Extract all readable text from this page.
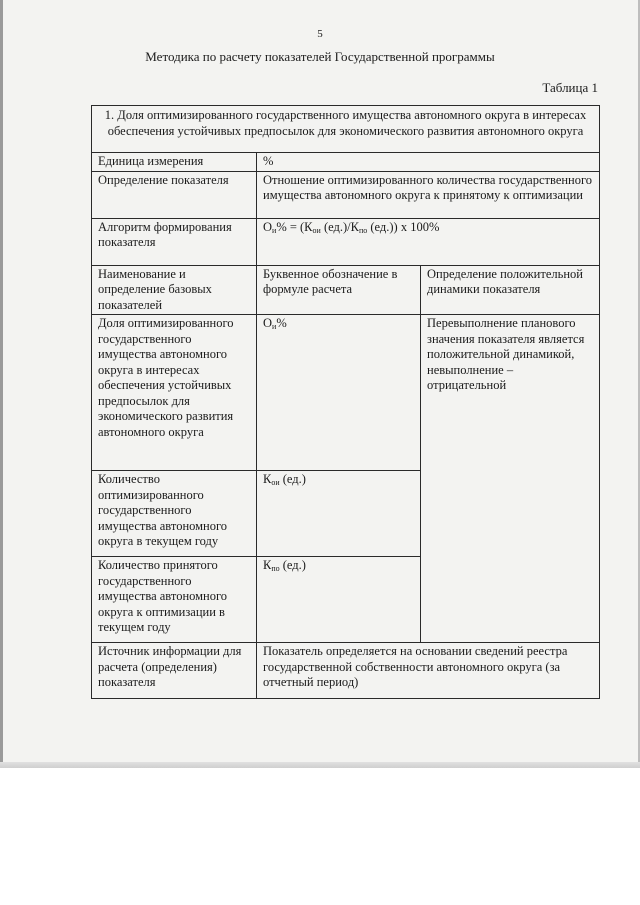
5
Методика по расчету показателей Государственной программы
Таблица 1
1. Доля оптимизированного государственного имущества автономного округа в интересах обеспечения устойчивых предпосылок для экономического развития автономного округа		
Единица измерения	%	
Определение показателя	Отношение оптимизированного количества государственного имущества автономного округа к принятому к оптимизации	
Алгоритм формирования показателя	$О_и\% = (К_{ои}$ $(ед.)/К_{по}$ (ед.)) х 100%	
Наименование и определение базовых показателей	Буквенное обозначение в формуле расчета	Определение положительной динамики показателя
Доля оптимизированного государственного имущества автономного округа в интересах обеспечения устойчивых предпосылок для экономического развития автономного округа	$О_и\%$	Перевыполнение планового значения показателя является положительной динамикой, невыполнение – отрицательной
Количество оптимизированного государственного имущества автономного округа в текущем году	$К_{ои}$ (ед.)	
Количество принятого государственного имущества автономного округа к оптимизации в текущем году	$К_{по}$ (ед.)	
Источник информации для расчета (определения) показателя	Показатель определяется на основании сведений реестра государственной собственности автономного округа (за отчетный период)	
